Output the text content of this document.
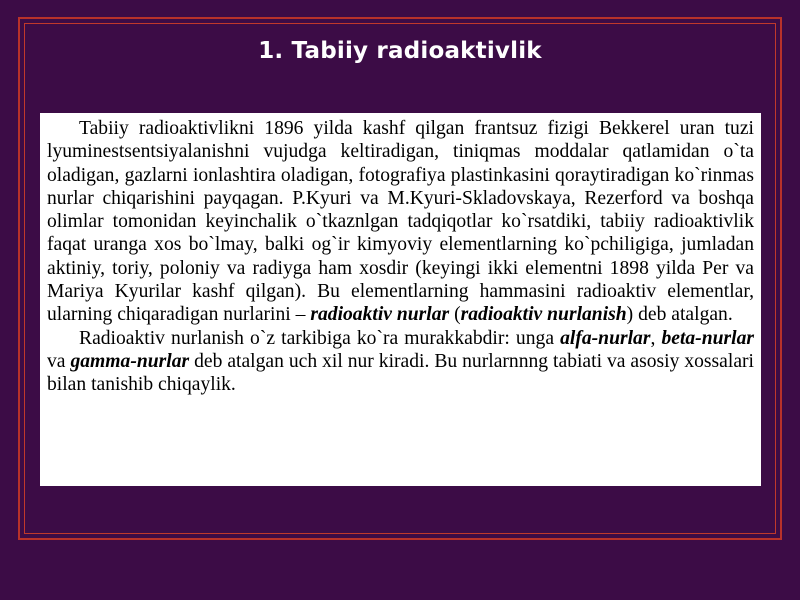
1. Tabiiy radioaktivlik

Tabiiy radioaktivlikni 1896 yilda kashf qilgan frantsuz fizigi Bekkerel uran tuzi lyuminestsentsiyalanishni vujudga keltiradigan, tiniqmas moddalar qatlamidan o`ta oladigan, gazlarni ionlashtira oladigan, fotografiya plastinkasini qoraytiradigan ko`rinmas nurlar chiqarishini payqagan. P.Kyuri va M.Kyuri-Skladovskaya, Rezerford va boshqa olimlar tomonidan keyinchalik o`tkaznlgan tadqiqotlar ko`rsatdiki, tabiiy radioaktivlik faqat uranga xos bo`lmay, balki og`ir kimyoviy elementlarning ko`pchiligiga, jumladan aktiniy, toriy, poloniy va radiyga ham xosdir (keyingi ikki elementni 1898 yilda Per va Mariya Kyurilar kashf qilgan). Bu elementlarning hammasini radioaktiv elementlar, ularning chiqaradigan nurlarini – radioaktiv nurlar (radioaktiv nurlanish) deb atalgan.

Radioaktiv nurlanish o`z tarkibiga ko`ra murakkabdir: unga alfa-nurlar, beta-nurlar va gamma-nurlar deb atalgan uch xil nur kiradi. Bu nurlarnnng tabiati va asosiy xossalari bilan tanishib chiqaylik.
